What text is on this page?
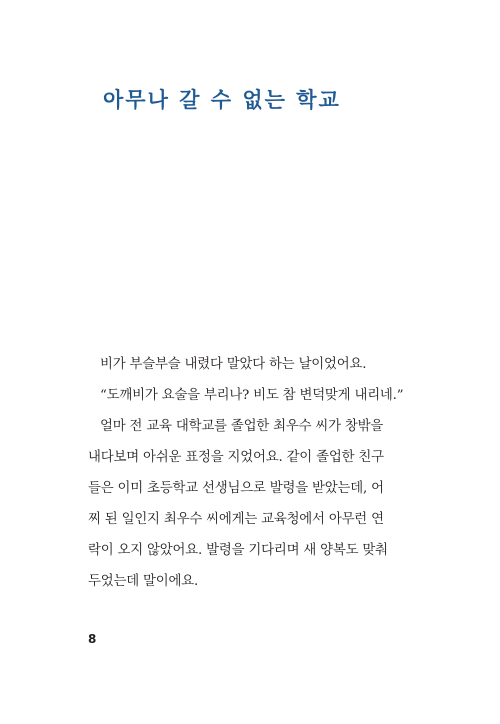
아무나 갈 수 없는 학교

비가 부슬부슬 내렸다 말았다 하는 날이었어요.

“도깨비가 요술을 부리나? 비도 참 변덕맞게 내리네.”

얼마 전 교육 대학교를 졸업한 최우수 씨가 창밖을

내다보며 아쉬운 표정을 지었어요. 같이 졸업한 친구

들은 이미 초등학교 선생님으로 발령을 받았는데, 어

찌 된 일인지 최우수 씨에게는 교육청에서 아무런 연

락이 오지 않았어요. 발령을 기다리며 새 양복도 맞춰

두었는데 말이에요.

8
